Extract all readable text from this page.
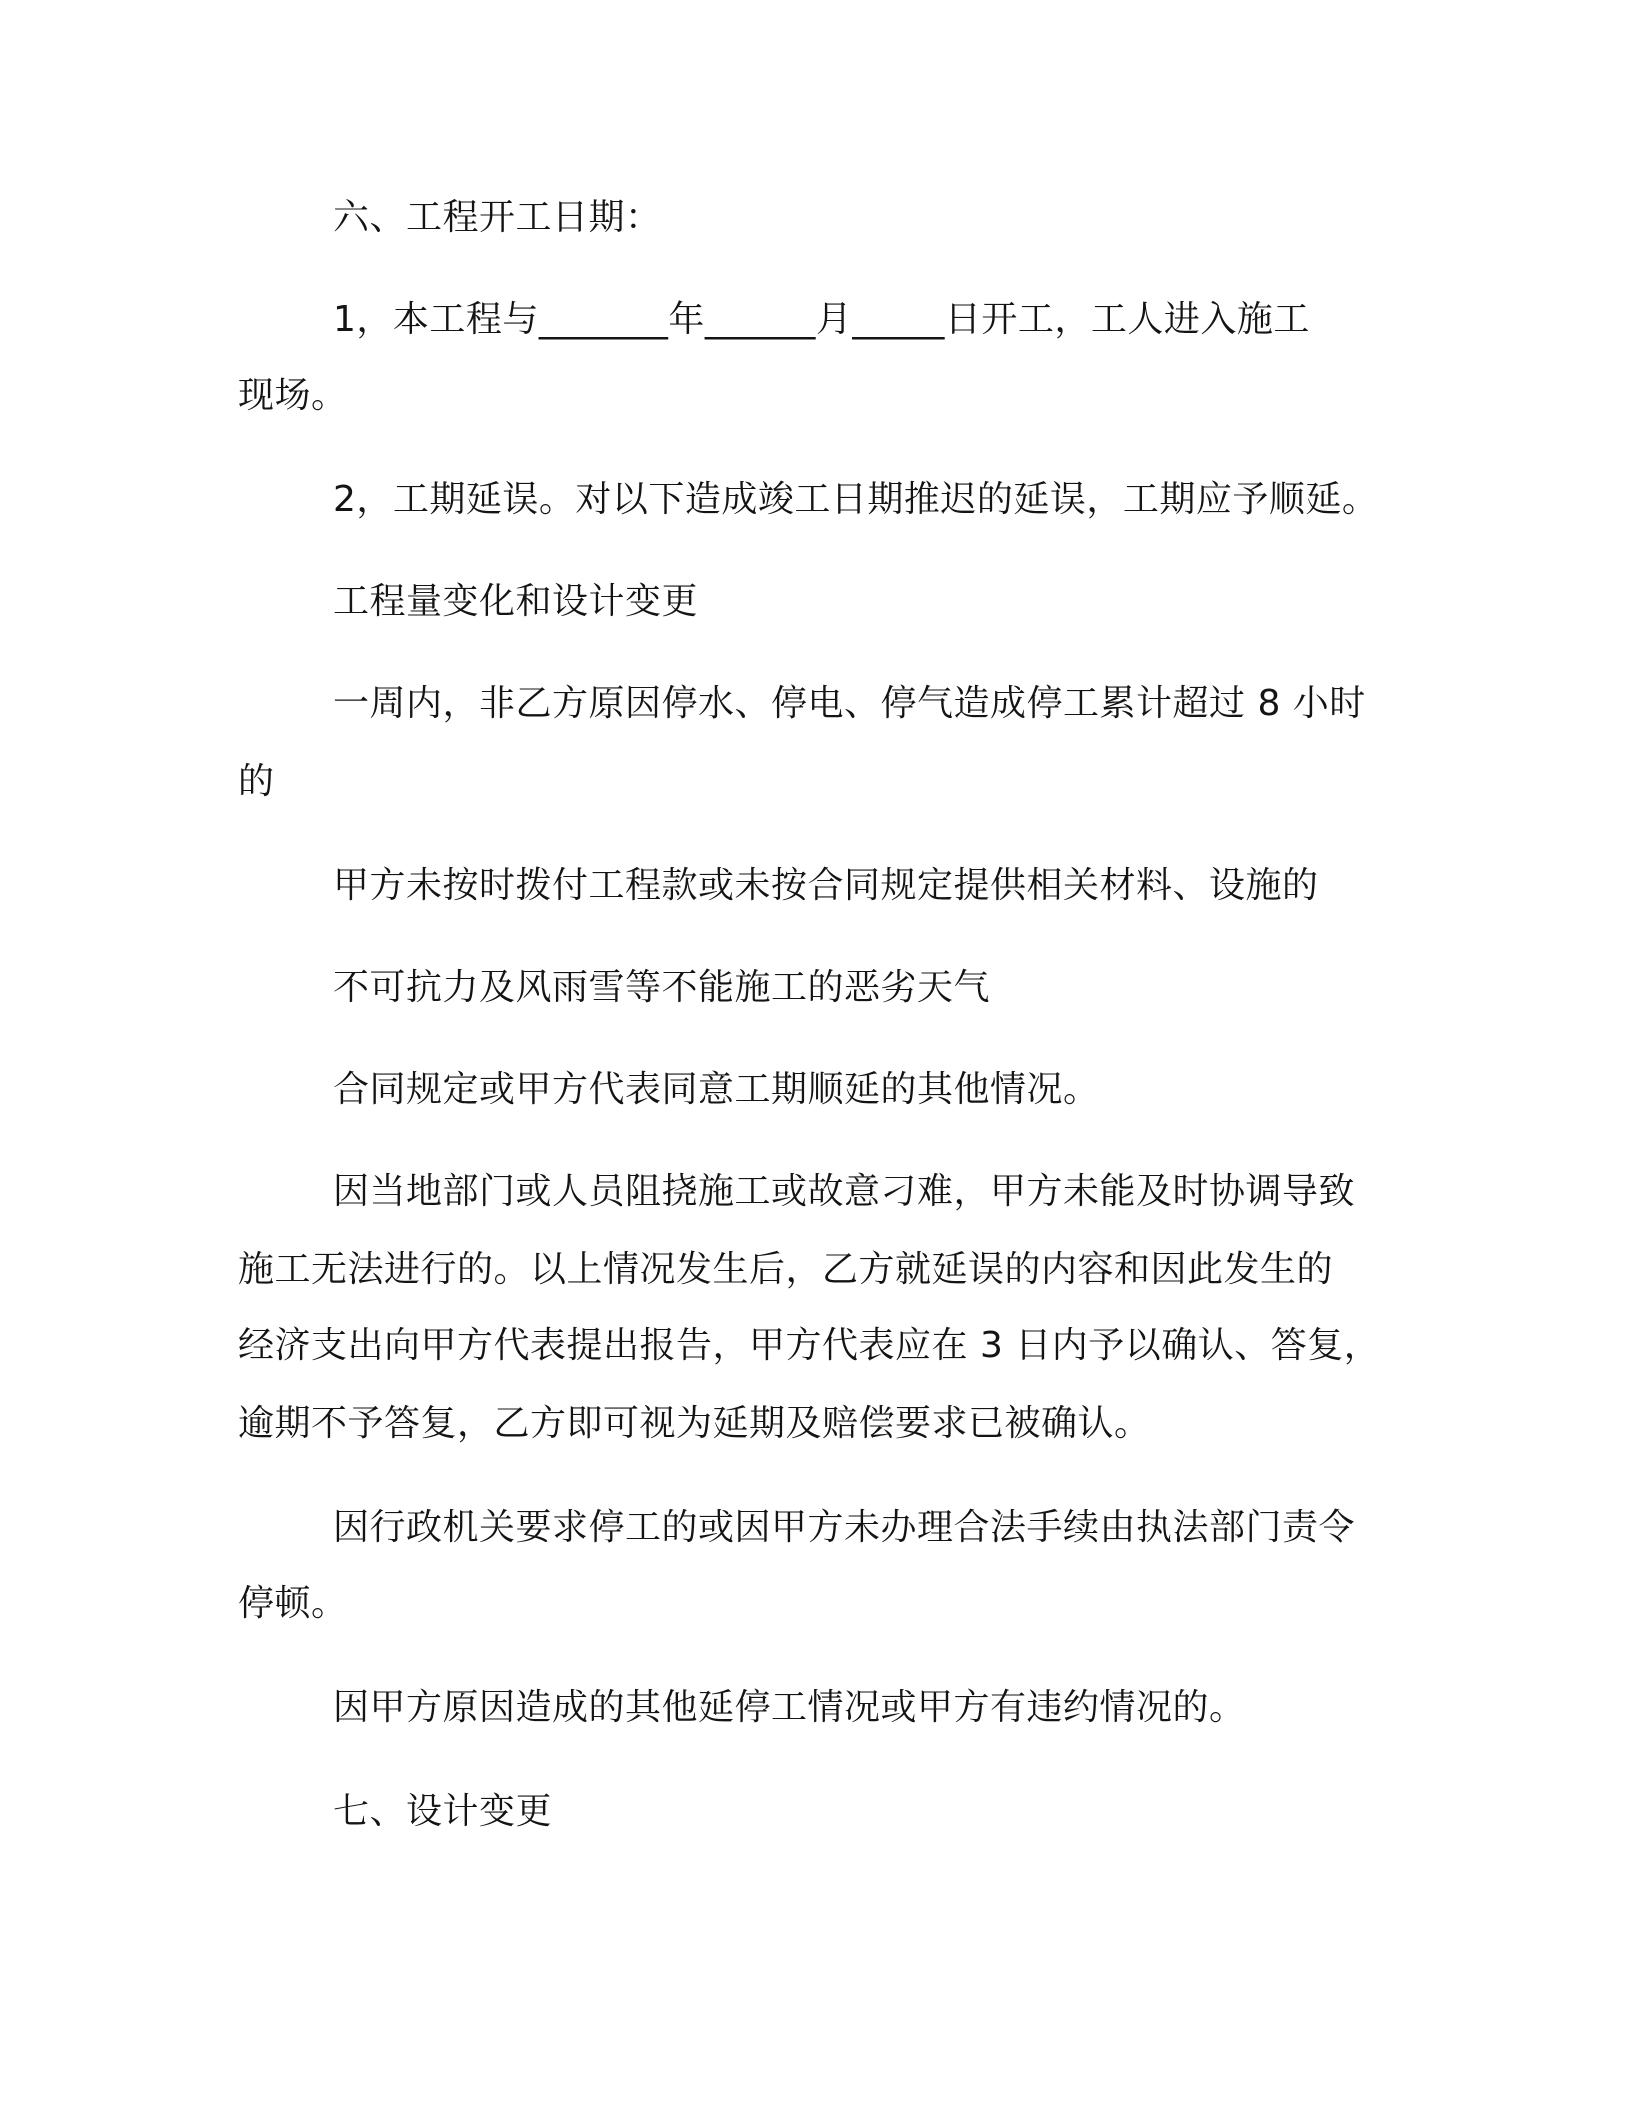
六、工程开工日期：
1，本工程与_______年______月_____日开工，工人进入施工
现场。
2，工期延误。对以下造成竣工日期推迟的延误，工期应予顺延。
工程量变化和设计变更
一周内，非乙方原因停水、停电、停气造成停工累计超过 8 小时
的
甲方未按时拨付工程款或未按合同规定提供相关材料、设施的
不可抗力及风雨雪等不能施工的恶劣天气
合同规定或甲方代表同意工期顺延的其他情况。
因当地部门或人员阻挠施工或故意刁难，甲方未能及时协调导致
施工无法进行的。以上情况发生后，乙方就延误的内容和因此发生的
经济支出向甲方代表提出报告，甲方代表应在 3 日内予以确认、答复，
逾期不予答复，乙方即可视为延期及赔偿要求已被确认。
因行政机关要求停工的或因甲方未办理合法手续由执法部门责令
停顿。
因甲方原因造成的其他延停工情况或甲方有违约情况的。
七、设计变更
